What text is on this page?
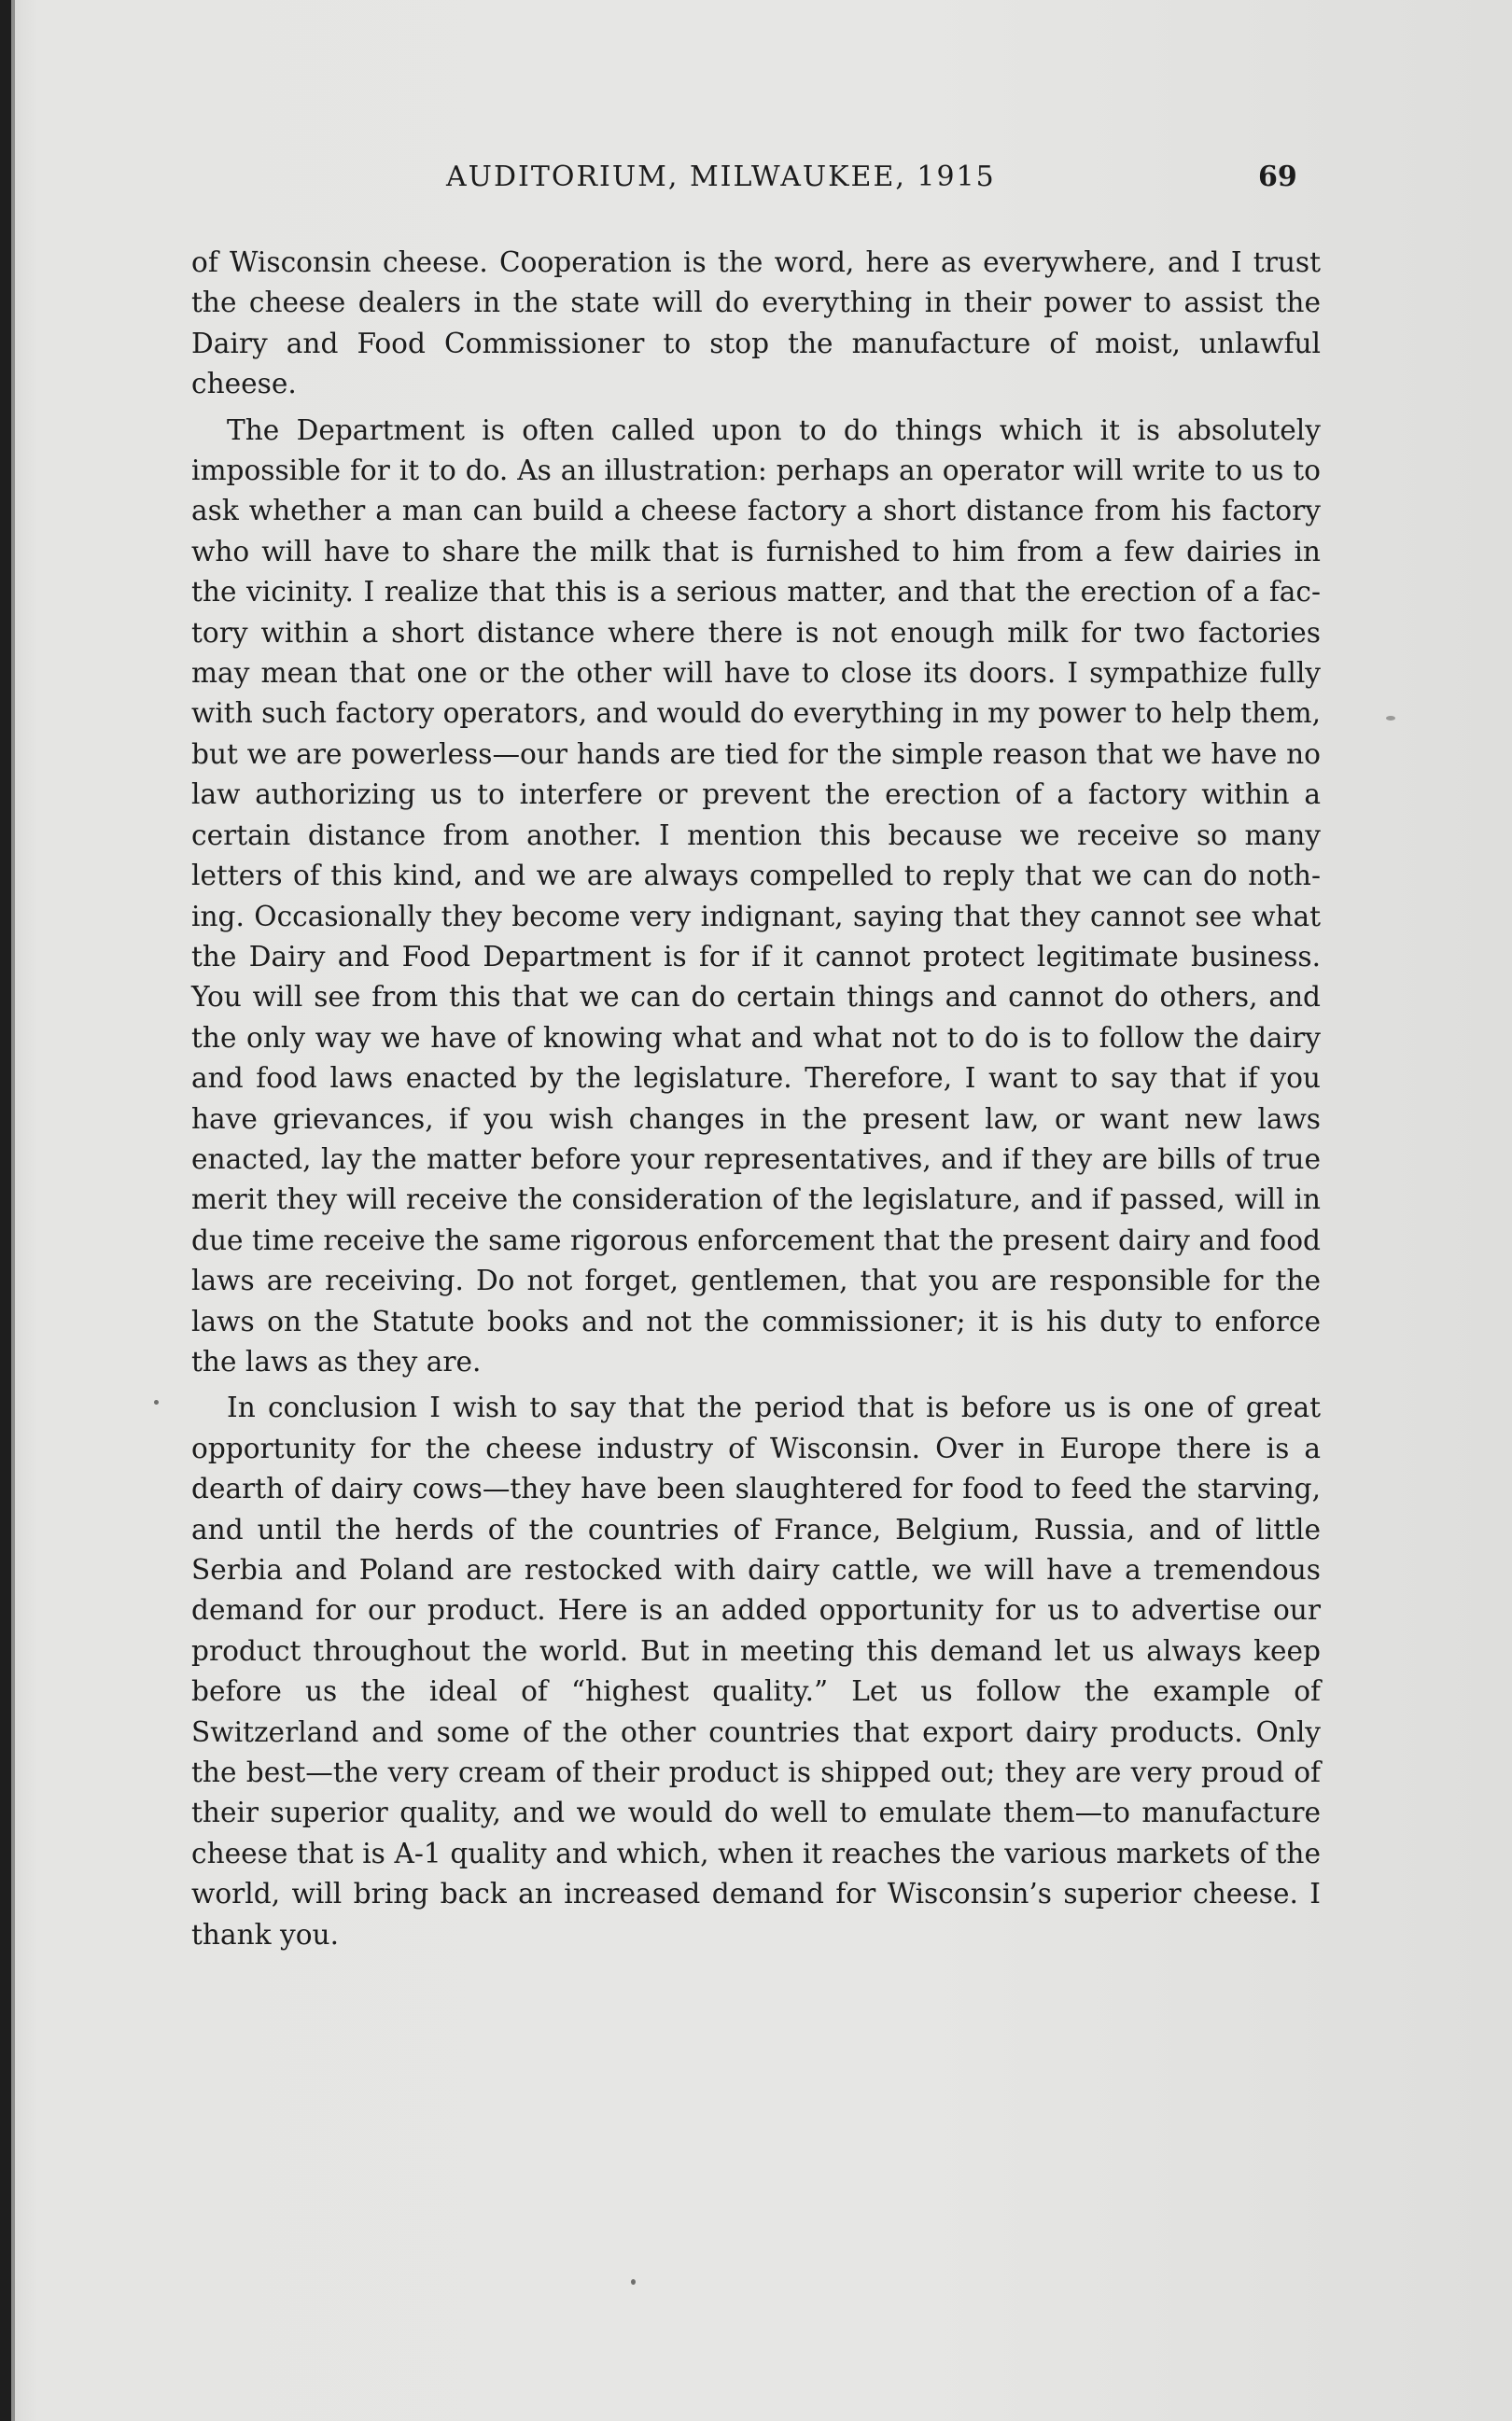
AUDITORIUM, MILWAUKEE, 1915	69

of Wisconsin cheese. Cooperation is the word, here as everywhere, and I trust the cheese dealers in the state will do everything in their power to assist the Dairy and Food Commissioner to stop the manufacture of moist, unlawful cheese.

The Department is often called upon to do things which it is absolutely impossible for it to do. As an illustration: perhaps an operator will write to us to ask whether a man can build a cheese factory a short distance from his factory who will have to share the milk that is furnished to him from a few dairies in the vicinity. I realize that this is a serious matter, and that the erection of a factory within a short distance where there is not enough milk for two factories may mean that one or the other will have to close its doors. I sympathize fully with such factory operators, and would do everything in my power to help them, but we are powerless—our hands are tied for the simple reason that we have no law authorizing us to interfere or prevent the erection of a factory within a certain distance from another. I mention this because we receive so many letters of this kind, and we are always compelled to reply that we can do nothing. Occasionally they become very indignant, saying that they cannot see what the Dairy and Food Department is for if it cannot protect legitimate business. You will see from this that we can do certain things and cannot do others, and the only way we have of knowing what and what not to do is to follow the dairy and food laws enacted by the legislature. Therefore, I want to say that if you have grievances, if you wish changes in the present law, or want new laws enacted, lay the matter before your representatives, and if they are bills of true merit they will receive the consideration of the legislature, and if passed, will in due time receive the same rigorous enforcement that the present dairy and food laws are receiving. Do not forget, gentlemen, that you are responsible for the laws on the Statute books and not the commissioner; it is his duty to enforce the laws as they are.

In conclusion I wish to say that the period that is before us is one of great opportunity for the cheese industry of Wisconsin. Over in Europe there is a dearth of dairy cows—they have been slaughtered for food to feed the starving, and until the herds of the countries of France, Belgium, Russia, and of little Serbia and Poland are restocked with dairy cattle, we will have a tremendous demand for our product. Here is an added opportunity for us to advertise our product throughout the world. But in meeting this demand let us always keep before us the ideal of “highest quality.” Let us follow the example of Switzerland and some of the other countries that export dairy products. Only the best—the very cream of their product is shipped out; they are very proud of their superior quality, and we would do well to emulate them—to manufacture cheese that is A-1 quality and which, when it reaches the various markets of the world, will bring back an increased demand for Wisconsin’s superior cheese. I thank you.
